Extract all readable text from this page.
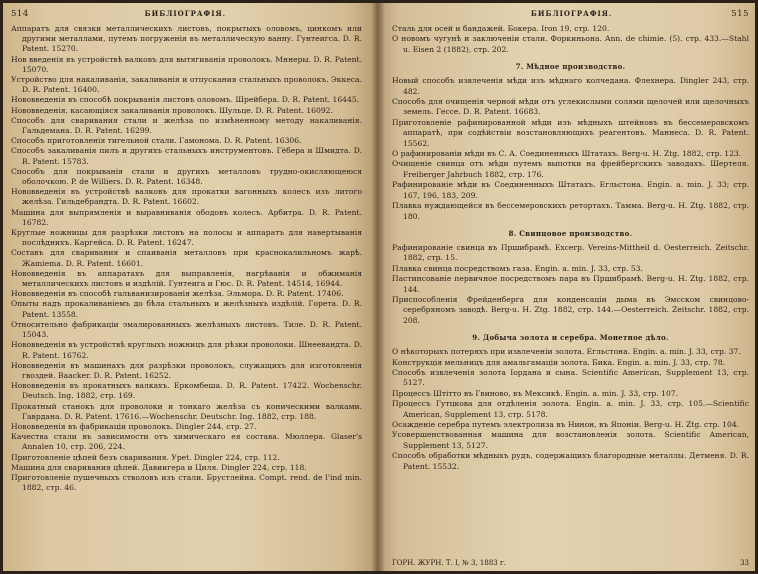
514	БИБЛІОГРАФІЯ.

Аппаратъ для связки металлическихъ листовъ, покрытыхъ оловомъ, цинкомъ или другими металлами, путемъ погруженія въ металлическую ванну. Гунтеигса. D. R. Patent. 15270.

Нов введенія въ устройствѣ валковъ для вытягиванія проволокъ. Мннеры. D. R. Patent. 15070.

Устройство для накаливанія, закаливанія и отпускания стальныхъ проволокъ. Эккеса. D. R. Patent. 16400.

Нововведенія въ способѣ покрыванія листовъ оловомъ. Шрейберa. D. R. Patent. 16445.

Нововведенія, касающіяся закаливанія проволокъ. Шульце. D. R. Patent. 16092.

Способъ для сваривания стали и желѣза по измѣненному методу накаливанія. Гальдемана. D. R. Patent. 16299.

Способъ приготовленія тигельной стали. Гамонoма. D. R. Patent. 16306.

Способъ закаливанія пилъ и другихъ стальныхъ инструментовъ. Гёбера и Шмидта. D. R. Patent. 15783.

Способъ для покрыванія стали и другихъ металловъ трудно-окисляющеюся оболочкою. P. de Williers. D. R. Patent. 16348.

Нововведенія въ устройствѣ валковъ для прокатки вагонныхъ колесъ изъ литого желѣза. Гильдебрандта. D. R. Patent. 16602.

Машина для выпрямленія и выравниванія ободовъ колесъ. Арбитра. D. R. Patent. 16782.

Круглые ножницы для разрѣзки листовъ на полосы и аппаратъ для навертыванія послѣднихъ. Каргейса. D. R. Patent. 16247.

Составъ для сваривания и спаиванія металловъ при краснокалильномъ жарѣ. Жаmiema. D. R. Patent. 16601.

Нововведенія въ аппаратахъ для выправленія, нагрѣванія и обжиманія металлическихъ листовъ и издѣлій. Гунтеига и Гюс. D. R. Patent. 14514, 16944.

Нововведенія въ способѣ гальванизированія желѣза. Эльмора. D. R. Patent. 17406.

Опыты надъ прокаливаніемъ до бѣла стальныхъ и желѣзныхъ издѣлій. Горета. D. R. Patent. 13558.

Относительно фабрикаціи эмалированныхъ желѣзныхъ листовъ. Тиле. D. R. Patent. 15043.

Нововведенія въ устройствѣ круглыхъ ножницъ для рѣзки проволоки. Шнеевандта. D. R. Patent. 16762.

Нововведенія въ машинахъ для разрѣзки проволокъ, служащихъ для изготовленія гвоздей. Baacker. D. R. Patent. 16252.

Нововведенія въ прокатныхъ валкахъ. Еркомбеша. D. R. Patent. 17422. Wochenschr. Deutsch. Ing. 1882, стр. 169.

Прокатный станокъ для проволоки и тонкаго желѣза съ коническими валками. Гаврдaна. D. R. Patent. 17616.—Wochenschr. Deutschr. Ing. 1882, стр. 188.

Нововведенія въ фабрикаціи проволокъ. Dingler 244, стр. 27.

Качества стали въ зависимости отъ химическаго ея состава. Мюллера. Glaser's Annalen 10, стр. 206, 224.

Приготовленіе цѣпей безъ сваривания. Уреt. Dingler 224, стр. 112.

Машина для сваривания цѣпей. Давиигеpа и Циля. Dingler 224, стр. 118.

Приготовленіе пушечныхъ стволовъ изъ стали. Брустлейна. Compt. rend. de l'ind min. 1882, стр. 46.

БИБЛІОГРАФІЯ.	515

Сталь для осей и бандажей. Бокера. Iron 19, стр. 120.

О новомъ чугунѣ и заключеніи стали. Форкиньона. Ann. de chimie. (5). стр. 433.—Stahl u. Eisen 2 (1882), стр. 202.

7. Мѣдное производство.

Новый способъ извлеченія мѣди изъ мѣднаго колчедана. Флехнера. Dingler 243, стр. 482.

Способъ для очищенія черной мѣди отъ углекислыми солями щелочей или щелочныхъ земель. Гессе. D. R. Patent. 16683.

Приготовленіе рафинированной мѣди изъ мѣдныхъ штейновъ въ бессемеровскомъ аппаратѣ, при содѣйствіи возстановляющихъ реагентовъ. Маннеса. D. R. Patent. 15562.

О рафинированіи мѣди въ С. А. Соединенныхъ Штатахъ. Berg-u. H. Ztg. 1882, стр. 123.

Очищеніе свинца отъ мѣди путемъ выпотки на фрейбергскихъ заводахъ. Шертеля. Freiberger Jahrbuch 1882, стр. 176.

Рафинированіе мѣди въ Соединенныхъ Штатахъ. Егльстона. Engin. a. min. J. 33; стр. 167, 196, 183, 209.

Плавка нуждающейся въ бессемеровскихъ ретортахъ. Тамма. Berg-u. H. Ztg. 1882, стр. 180.

8. Свинцовое производство.

Рафинированіе свинца въ Пршибрамѣ. Excerp. Vereins-Mittheil d. Oesterreich. Zeitschr. 1882, стр. 15.

Плавка свинца посредствомъ газа. Engin. a. min. J. 33, стр. 53.

Пастинсованіе первичное посредствомъ пара въ Пршибрамѣ. Berg-u. H. Ztg. 1882, стр. 144.

Приспособленія Фрейденберга для конденсаціи дыма въ Эмсском свинцово-серебряномъ заводѣ. Berg-u. H. Ztg. 1882, стр. 144.—Oesterreich. Zeitschr. 1882, стр. 208.

9. Добыча золота и серебра. Монетное дѣло.

О нѣкоторыхъ потеряхъ при извлеченіи золота. Егльстона. Engin. a. min. J. 33, стр. 37.

Конструкція мельницъ для амальгамаціи золота. Бика. Engin. a. min. J. 33, стр. 78.

Способъ извлеченія золота Іордана и сына. Scientific American, Supplement 13, стр. 5127.

Процессъ Штітто въ Гвиново, въ Мексикѣ. Engin. a. min. J. 33, стр. 107.

Процессъ Гутцкова для отдѣленія золота. Engin. a. min. J. 33, стр. 105.—Scientific American, Supplement 13, стр. 5178.

Осажденіе серебра путемъ электролиза въ Нинон, въ Японіи. Berg-u. H. Ztg. стр. 104.

Усовершенствованная машина для возстановленія золота. Scientific American, Supplement 13, 5127.

Способъ обработки мѣдныхъ рудъ, содержащихъ благородные металлы. Детменя. D. R. Patent. 15532.

ГОРН. ЖУРН. Т. I, № 3, 1883 г.	33
